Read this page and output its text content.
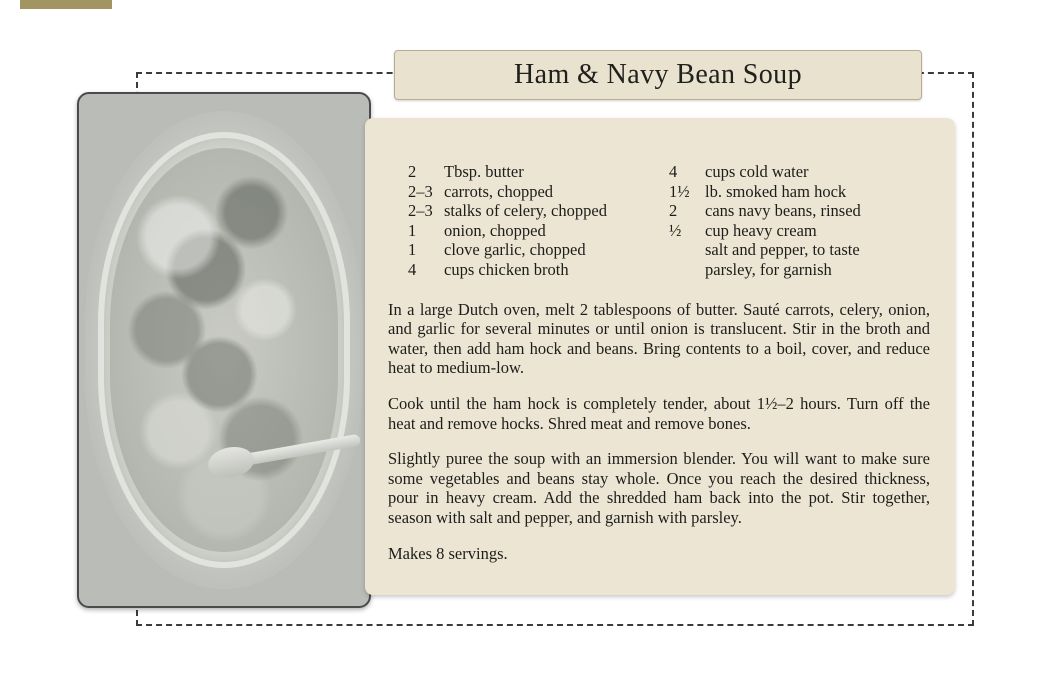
Ham & Navy Bean Soup
2	Tbsp. butter
2–3 carrots, chopped
2–3 stalks of celery, chopped
1	onion, chopped
1	clove garlic, chopped
4	cups chicken broth
4	cups cold water
1½ lb. smoked ham hock
2	cans navy beans, rinsed
½	cup heavy cream
salt and pepper, to taste
parsley, for garnish

In a large Dutch oven, melt 2 tablespoons of butter. Sauté carrots, celery, onion, and garlic for several minutes or until onion is translucent. Stir in the broth and water, then add ham hock and beans. Bring contents to a boil, cover, and reduce heat to medium-low.

Cook until the ham hock is completely tender, about 1½–2 hours. Turn off the heat and remove hocks. Shred meat and remove bones.

Slightly puree the soup with an immersion blender. You will want to make sure some vegetables and beans stay whole. Once you reach the desired thickness, pour in heavy cream. Add the shredded ham back into the pot. Stir together, season with salt and pepper, and garnish with parsley.

Makes 8 servings.
